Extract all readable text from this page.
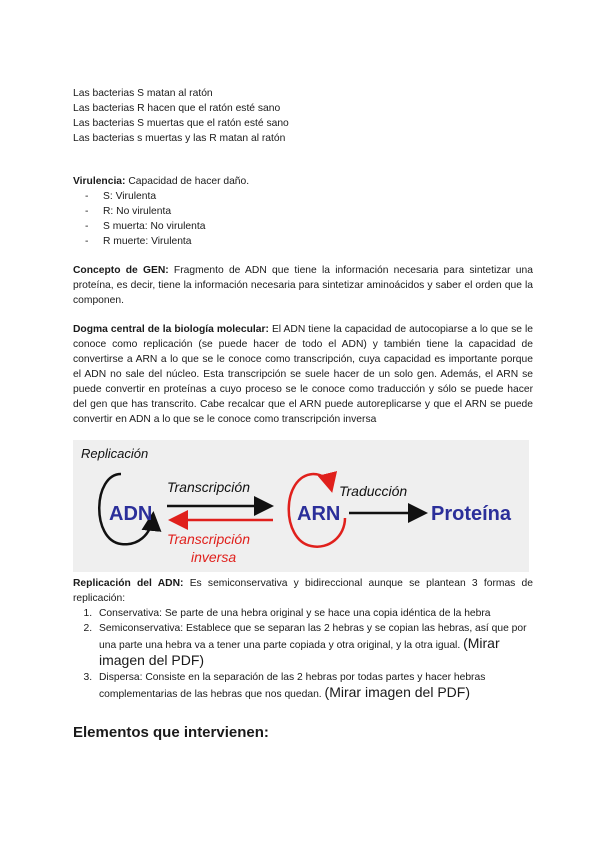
Las bacterias S matan al ratón
Las bacterias R hacen que el ratón esté sano
Las bacterias S muertas que el ratón esté sano
Las bacterias s muertas y las R matan al ratón
Virulencia: Capacidad de hacer daño.
- S: Virulenta
- R: No virulenta
- S muerta: No virulenta
- R muerte: Virulenta

Concepto de GEN: Fragmento de ADN que tiene la información necesaria para sintetizar una proteína, es decir, tiene la información necesaria para sintetizar aminoácidos y saber el orden que la componen.

Dogma central de la biología molecular: El ADN tiene la capacidad de autocopiarse a lo que se le conoce como replicación (se puede hacer de todo el ADN) y también tiene la capacidad de convertirse a ARN a lo que se le conoce como transcripción, cuya capacidad es importante porque el ADN no sale del núcleo. Esta transcripción se suele hacer de un solo gen. Además, el ARN se puede convertir en proteínas a cuyo proceso se le conoce como traducción y sólo se puede hacer del gen que has transcrito. Cabe recalcar que el ARN puede autoreplicarse y que el ARN se puede convertir en ADN a lo que se le conoce como transcripción inversa

Replicación
ADN
Transcripción
Transcripción
inversa
ARN
Traducción
Proteína

Replicación del ADN: Es semiconservativa y bidireccional aunque se plantean 3 formas de replicación:

1. Conservativa: Se parte de una hebra original y se hace una copia idéntica de la hebra
2. Semiconservativa: Establece que se separan las 2 hebras y se copian las hebras, así que por una parte una hebra va a tener una parte copiada y otra original, y la otra igual. (Mirar imagen del PDF)
3. Dispersa: Consiste en la separación de las 2 hebras por todas partes y hacer hebras complementarias de las hebras que nos quedan. (Mirar imagen del PDF)
Elementos que intervienen:
